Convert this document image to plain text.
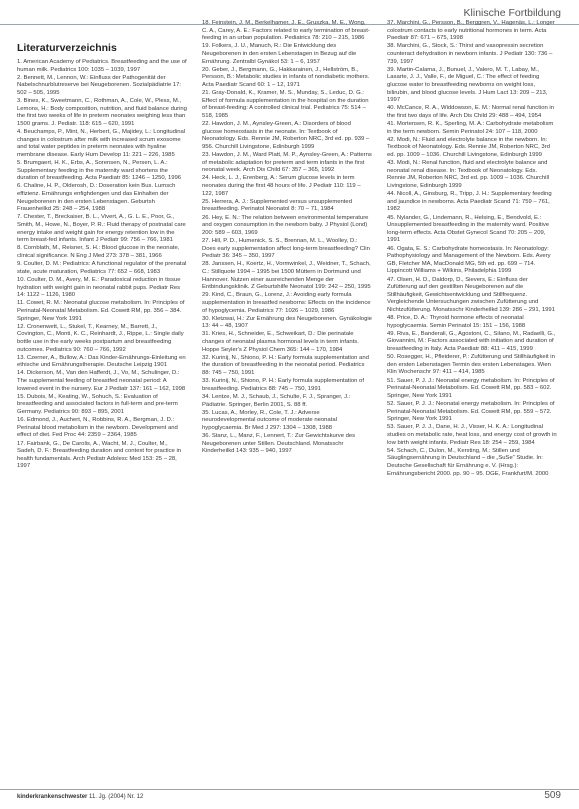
Klinische Fortbildung
Literaturverzeichnis
1. American Academy of Pediatrics. Breastfeeding and the use of human milk. Pediatrics 100: 1035 – 1039, 1997
2. Bennett, M., Lennon, W.: Einfluss der Pathogenität der Nabelschnurblutreserve bei Neugeborenen. Sozialpädiatrie 17: 502 – 505, 1995
3. Bines, K., Sweetmann, C., Rothman, A., Cole, W., Pless, M., Lemons, H.: Body composition, nutrition, and fluid balance during the first two weeks of life in preterm neonates weighing less than 1500 grams. J. Pediatr. 118: 615 – 620, 1991
4. Beuchamps, P., Mint, N., Herbert, G., Majidey, L.: Longitudinal changes in colostrum after milk with increased scrum exosome and total water peptides in preterm neonates with hyaline membrane disease. Early Hum Develop 11: 221 – 226, 1985
5. Brumgaert, H. K., Erbs, A., Sorensen, N., Persen, L. A.: Supplementary feeding in the maternity ward shortens the duration of breastfeeding. Acta Paediatr 85: 1246 – 1250, 1996
6. Chaline, H. P., Olderosh, D.: Doseration kein Bus. Lumsch effizienz. Ernährungs enfighdengen und das Einhalten der Neugeborenen in den ersten Lebenstagen. Geburtsh Frauenheilkd 25: 248 – 254, 1988
7. Chester, T., Breckaiser, B. L., Vivert, A., G. L. E., Poor, G., Smith, M., Howe, N., Boyer, P. R.: Fluid therapy of postnatal care energy intake and weight gain for energy retention low in the term breast-fed infants. Infant J Pediatr 99: 756 – 766, 1981
8. Cornblath, M., Reisner, S. H.: Blood glucose in the neonate, clinical significance. N Eng J Med 273: 378 – 381, 1966
9. Coulter, D. M.: Pediatrics: A functional regulator of the prenatal state, acute maturation, Pediatrics 77: 652 – 668, 1983
10. Coulter, D. M., Avery, M. E.: Paradoxical reduction in tissue hydration with weight gain in neonatal rabbit pups. Pediatr Res 14: 1122 – 1126, 1980
11. Cowet, R. M.: Neonatal glucose metabolism. In: Principles of Perinatal-Neonatal Metabolism. Ed. Cowett RM, pp. 356 – 384. Springer, New York 1991
12. Cronenwett, L., Stukel, T., Kearney, M., Barrett, J., Covington, C., Monti, K. C., Reinhardt, J., Rippe, L.: Single daily bottle use in the early weeks postpartum and breastfeeding outcomes. Pediatrics 90: 760 – 766, 1992
13. Czerner, A., Bullow, A.: Das Kinder-Ernährungs-Einleitung en ethische und Ernährungstherapie. Deutsche Leipzig 1901
14. Dickerson, M., Van den Hafferdt, J., Vo, M., Schulinger, D.: The supplemental feeding of breastfed neonatal period: A lowered event in the nursery. Eur J Pediatr 137: 161 – 162, 1998
15. Dubois, M., Keating, W., Sohuch, S.: Evaluation of breastfeeding and associated factors in full-term and pre-term Germany. Pediatrics 90: 893 – 895, 2001
16. Edmond, J., Auchert, N., Robbins, R. A., Bergman, J. D.: Perinatal blood metabolism in the newborn. Development and effect of diet. Fed Proc 44: 2359 – 2364, 1985
17. Fairbank, G., De Carolis, A., Wacht, M. J., Coulter, M., Sadeh, D. F.: Breastfeeding duration and context for practice in health fundamentals. Arch Pediatr Adolesc Med 153: 25 – 28, 1997
18. Feinstein, J. M., Berkelhamer, J. E., Gruszka, M. E., Wong, C. A., Carey, A. E.: Factors related to early termination of breast-feeding in an urban population. Pediatrics 78: 210 – 215, 1986
19. Folkers, J. U., Manuch, R.: Die Entwicklung des Neugeborenen in den ersten Lebenstagen in Bezug auf die Ernährung. Zentralbl Gynäkol 53: 1 – 6, 1957
20. Geber, J., Bergmann, G., Hakkarainen, J., Hellström, B., Persson, B.: Metabolic studies in infants of nondiabetic mothers. Acta Paediatr Scand 60: 1 – 12, 1971
21. Gray-Donald, K., Kramer, M. S., Munday, S., Leduc, D. G.: Effect of formula supplementation in the hospital on the duration of breast-feeding: A controlled clinical trial. Pediatrics 75: 514 – 518, 1985
22. Hawdon, J. M., Aynsley-Green, A.: Disorders of blood glucose homeostasis in the neonate. In: Textbook of Neonatology. Eds. Rennie JM, Roberton NRC, 3rd ed. pp. 939 – 956. Churchill Livingstone, Edinburgh 1999
23. Hawdon, J. M., Ward Platt, M. P., Aynsley-Green, A.: Patterns of metabolic adaptation for preterm and term infants in the first neonatal week. Arch Dis Child 67: 357 – 365, 1992
24. Heck, L. J., Erenberg, A.: Serum glucose levels in term neonates during the first 48 hours of life. J Pediatr 110: 119 – 122, 1987
25. Herrera, A. J.: Supplemented versus unsupplemented breastfeeding. Perinatol Neonatol 8: 70 – 71, 1984
26. Hey, E. N.: The relation between environmental temperature and oxygen consumption in the newborn baby. J Physiol (Lond) 200: 589 – 603, 1969
27. Hill, P. D., Humenick, S. S., Brennan, M. L., Woolley, D.: Does early supplementation affect long-term breastfeeding? Clin Pediatr 36: 345 – 350, 1997
28. Janssen, H., Koertz, H., Vormwinkel, J., Weidner, T., Schach, C.: Stillquote 1994 – 1995 bei 1500 Müttern in Dortmund und Hannover. Nutzen einer ausreichenden Menge der Entbindungsklinik. Z Geburtshilfe Neonatol 199: 242 – 250, 1995
29. Kind, C., Braun, G., Lorenz, J.: Avoiding early formula supplementation in breastfed newborns: Effects on the incidence of hypoglycemia. Pediatrics 77: 1026 – 1029, 1986
30. Kletzwai, H.: Zur Ernährung des Neugeborenen. Gynäkologie 13: 44 – 48, 1907
31. Kries, H., Schneider, E., Schweikart, D.: Die perinatale changes of neonatal plasma hormonal levels in term infants. Hoppe Seyler's Z Physiol Chem 365: 144 – 170, 1984
32. Kurinij, N., Shiono, P. H.: Early formula supplementation and the duration of breastfeeding in the neonatal period. Pediatrics 88: 745 – 750, 1991
33. Kurinij, N., Shiono, P. H.: Early formula supplementation of breastfeeding. Pediatrics 88: 745 – 750, 1991
34. Lentze, M. J., Schaub, J., Schulte, F. J., Spranger, J.: Pädiatrie. Springer, Berlin 2001, S. 88 ff.
35. Lucas, A., Morley, R., Cole, T. J.: Adverse neurodevelopmental outcome of moderate neonatal hypoglycaemia. Br Med J 297: 1304 – 1308, 1988
36. Stanz, L., Manz, F., Lennert, T.: Zur Gewichtskurve des Neugeborenen unter Stillen. Deutschland. Monatsschr Kinderheilkd 143: 935 – 940, 1997
37. Marchini, G., Persson, B., Berggren, V., Hagenäs, L.: Longer colostrum contacts to early nutritional hormones in term. Acta Paediatr 87: 671 – 675, 1998
38. Marchini, G., Stock, S.: Thirst and vasopressin secretion counteract dehydration in newborn infants. J Pediatr 130: 736 – 739, 1997
39. Martin-Calama, J., Bunuel, J., Valero, M. T., Labay, M., Lasarte, J. J., Valle, F., de Miguel, C.: The effect of feeding glucose water to breastfeeding newborns on weight loss, bilirubin, and blood glucose levels. J Hum Lact 13: 209 – 213, 1997
40. McCance, R. A., Widdowson, E. M.: Normal renal function in the first two days of life. Arch Dis Child 29: 488 – 494, 1954
41. Mortensen, R. K., Sperling, M. A.: Carbohydrate metabolism in the term newborn. Semin Perinatol 24: 107 – 118, 2000
42. Modi, N.: Fluid and electrolyte balance in the newborn. In: Textbook of Neonatology. Eds. Rennie JM, Roberton NRC, 3rd ed. pp. 1009 – 1036. Churchill Livingstone, Edinburgh 1999
43. Modi, N.: Renal function, fluid and electrolyte balance and neonatal renal disease. In: Textbook of Neonatology. Eds. Rennie JM, Roberton NRC, 3rd ed. pp. 1009 – 1036. Churchill Livingstone, Edinburgh 1999
44. Nicoll, A., Ginsburg, R., Tripp, J. H.: Supplementary feeding and jaundice in newborns. Acta Paediatr Scand 71: 759 – 761, 1982
45. Nylander, G., Lindemann, R., Helsing, E., Bendvold, E.: Unsupplemented breastfeeding in the maternity ward. Positive long-term effects. Acta Obstet Gynecol Scand 70: 205 – 209, 1991
46. Ogata, E. S.: Carbohydrate homeostasis. In: Neonatology: Pathophysiology and Management of the Newborn. Eds. Avery GB, Fletcher MA, MacDonald MG, 5th ed. pp. 699 – 714. Lippincott Williams + Wilkins, Philadelphia 1999
47. Olsen, H. D., Daldorp, D., Sievers, E.: Einfluss der Zufütterung auf den gestillten Neugeborenen auf die Stillhäufigkeit, Gewichtsentwicklung und Stillfrequenz. Vergleichende Untersuchungen zwischen Zufütterung und Nichtzufütterung. Monatsschr Kinderheilkd 139: 286 – 291, 1991
48. Price, D. A.: Thyroid hormone effects of neonatal hypoglycaemia. Semin Perinatol 15: 151 – 156, 1988
49. Riva, E., Banderali, G., Agostoni, C., Silano, M., Radaelli, G., Giovannini, M.: Factors associated with initiation and duration of breastfeeding in Italy. Acta Paediatr 88: 411 – 415, 1999
50. Rosegger, H., Pfleiderer, P.: Zufütterung und Stillhäufigkeit in den ersten Lebenstagen Termin des ersten Lebenstages. Wien Klin Wochenschr 97: 411 – 414, 1985
51. Sauer, P. J. J.: Neonatal energy metabolism. In: Principles of Perinatal-Neonatal Metabolism. Ed. Cowett RM, pp. 583 – 602. Springer, New York 1991
52. Sauer, P. J. J.: Neonatal energy metabolism. In: Principles of Perinatal-Neonatal Metabolism. Ed. Cowett RM, pp. 559 – 572. Springer, New York 1991
53. Sauer, P. J. J., Dane, H. J., Visser, H. K. A.: Longitudinal studies on metabolic rate, heat loss, and energy cost of growth in low birth weight infants. Pediatr Res 18: 254 – 259, 1984
54. Schach, C., Dulon, M., Kersting, M.: Stillen und Säuglingsernährung in Deutschland – die „SuSe“ Studie. In: Deutsche Gesellschaft für Ernährung e. V. (Hrsg.): Ernährungsbericht 2000. pp. 90 – 95. DGE, Frankfurt/M. 2000
kinderkrankenschwester 11. Jg. (2004) Nr. 12	509
